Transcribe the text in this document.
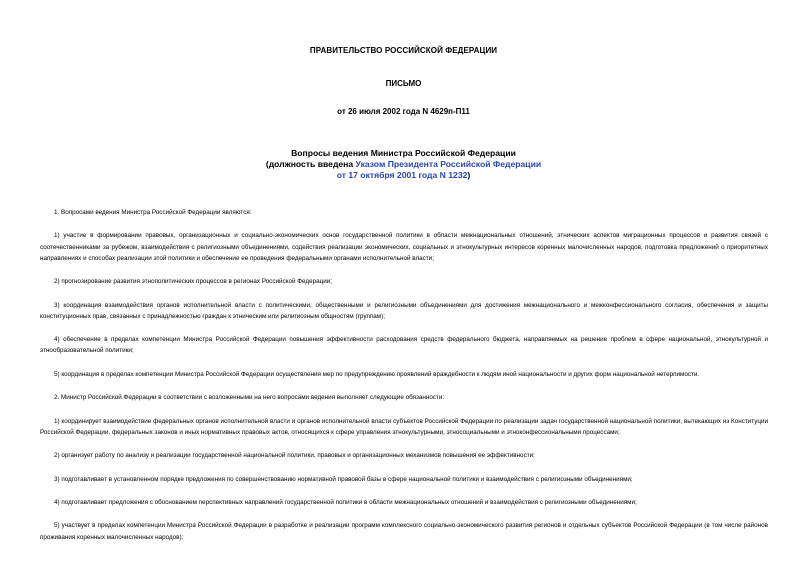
ПРАВИТЕЛЬСТВО РОССИЙСКОЙ ФЕДЕРАЦИИ
ПИСЬМО
от 26 июля 2002 года N 4629п-П11
Вопросы ведения Министра Российской Федерации
(должность введена Указом Президента Российской Федерации
от 17 октября 2001 года N 1232)

1. Вопросами ведения Министра Российской Федерации являются:

1) участие в формировании правовых, организационных и социально-экономических основ государственной политики в области межнациональных отношений, этнических аспектов миграционных процессов и развития связей с соотечественниками за рубежом, взаимодействия с религиозными объединениями, содействия реализации экономических, социальных и этнокультурных интересов коренных малочисленных народов, подготовка предложений о приоритетных направлениях и способах реализации этой политики и обеспечение ее проведения федеральными органами исполнительной власти;

2) прогнозирование развития этнополитических процессов в регионах Российской Федерации;

3) координация взаимодействия органов исполнительной власти с политическими, общественными и религиозными объединениями для достижения межнационального и межконфессионального согласия, обеспечения и защиты конституционных прав, связанных с принадлежностью граждан к этническим или религиозным общностям (группам);

4) обеспечение в пределах компетенции Министра Российской Федерации повышения эффективности расходования средств федерального бюджета, направляемых на решение проблем в сфере национальной, этнокультурной и этнообразовательной политики;

5) координация в пределах компетенции Министра Российской Федерации осуществления мер по предупреждению проявлений враждебности к людям иной национальности и других форм национальной нетерпимости.

2. Министр Российской Федерации в соответствии с возложенными на него вопросами ведения выполняет следующие обязанности:

1) координирует взаимодействие федеральных органов исполнительной власти и органов исполнительной власти субъектов Российской Федерации по реализации задач государственной национальной политики, вытекающих из Конституции Российской Федерации, федеральных законов и иных нормативных правовых актов, относящихся к сфере управления этнокультурными, этносоциальными и этноконфессиональными процессами;

2) организует работу по анализу и реализации государственной национальной политики, правовых и организационных механизмов повышения ее эффективности;

3) подготавливает в установленном порядке предложения по совершенствованию нормативной правовой базы в сфере национальной политики и взаимодействия с религиозными объединениями;

4) подготавливает предложения с обоснованием перспективных направлений государственной политики в области межнациональных отношений и взаимодействия с религиозными объединениями;

5) участвует в пределах компетенции Министра Российской Федерации в разработке и реализации программ комплексного социально-экономического развития регионов и отдельных субъектов Российской Федерации (в том числе районов проживания коренных малочисленных народов);
